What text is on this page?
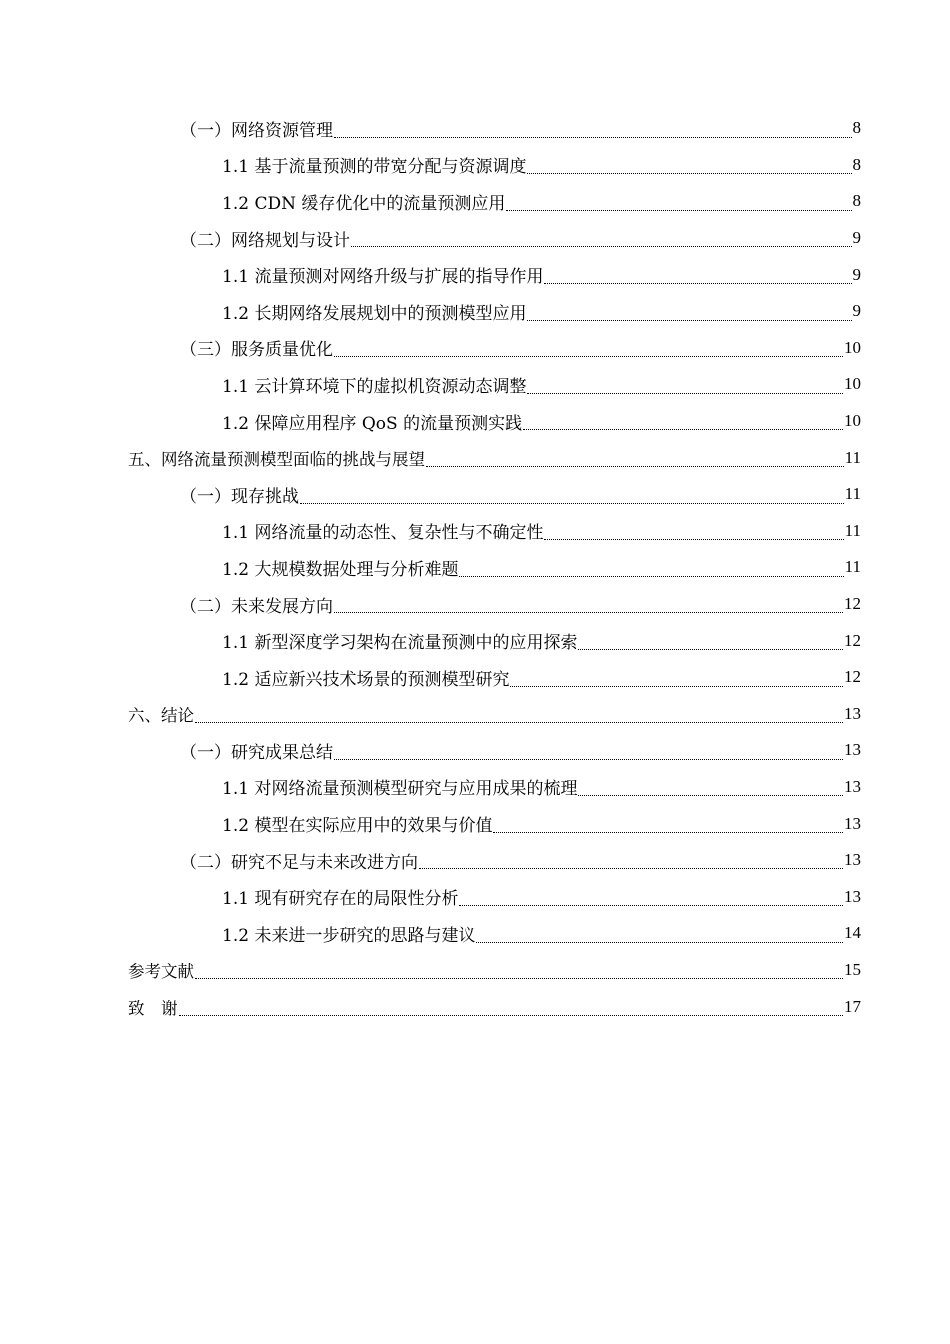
（一）网络资源管理	8
1.1 基于流量预测的带宽分配与资源调度	8
1.2 CDN 缓存优化中的流量预测应用	8
（二）网络规划与设计	9
1.1 流量预测对网络升级与扩展的指导作用	9
1.2 长期网络发展规划中的预测模型应用	9
（三）服务质量优化	10
1.1 云计算环境下的虚拟机资源动态调整	10
1.2 保障应用程序 QoS 的流量预测实践	10
五、网络流量预测模型面临的挑战与展望	11
（一）现存挑战	11
1.1 网络流量的动态性、复杂性与不确定性	11
1.2 大规模数据处理与分析难题	11
（二）未来发展方向	12
1.1 新型深度学习架构在流量预测中的应用探索	12
1.2 适应新兴技术场景的预测模型研究	12
六、结论	13
（一）研究成果总结	13
1.1 对网络流量预测模型研究与应用成果的梳理	13
1.2 模型在实际应用中的效果与价值	13
（二）研究不足与未来改进方向	13
1.1 现有研究存在的局限性分析	13
1.2 未来进一步研究的思路与建议	14
参考文献	15
致　谢	17
